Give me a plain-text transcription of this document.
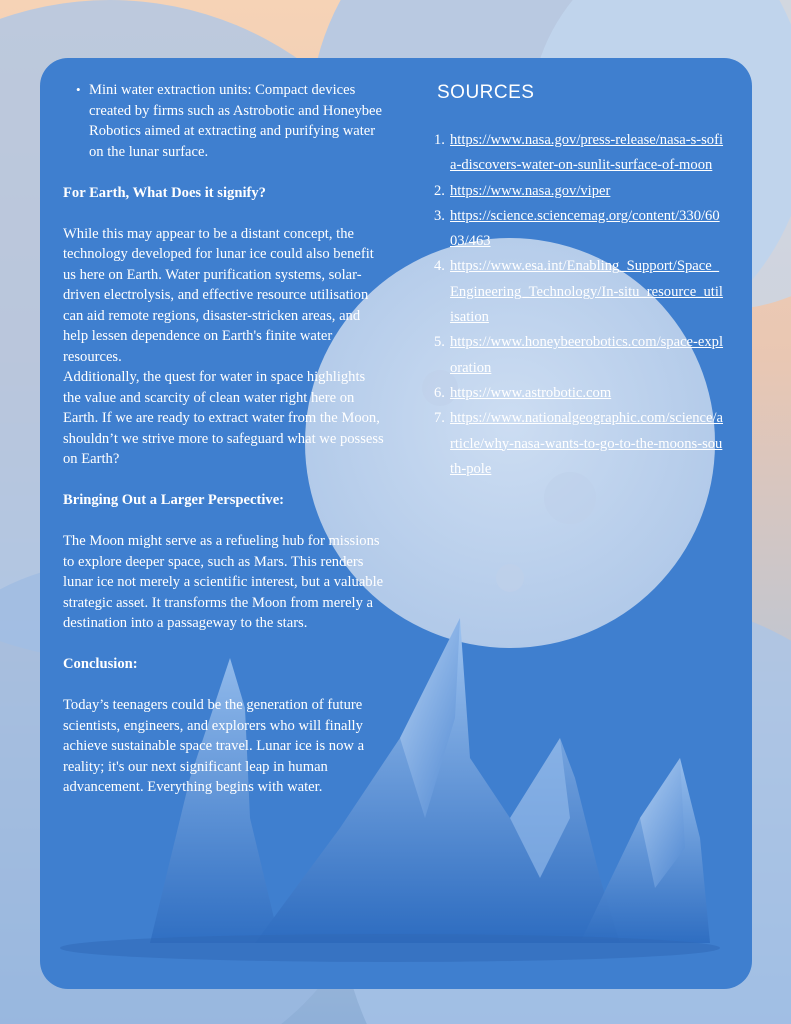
• Mini water extraction units: Compact devices created by firms such as Astrobotic and Honeybee Robotics aimed at extracting and purifying water on the lunar surface.

For Earth, What Does it signify?

While this may appear to be a distant concept, the technology developed for lunar ice could also benefit us here on Earth. Water purification systems, solar-driven electrolysis, and effective resource utilisation can aid remote regions, disaster-stricken areas, and help lessen dependence on Earth's finite water resources.

Additionally, the quest for water in space highlights the value and scarcity of clean water right here on Earth. If we are ready to extract water from the Moon, shouldn’t we strive more to safeguard what we possess on Earth?

Bringing Out a Larger Perspective:

The Moon might serve as a refueling hub for missions to explore deeper space, such as Mars. This renders lunar ice not merely a scientific interest, but a valuable strategic asset. It transforms the Moon from merely a destination into a passageway to the stars.

Conclusion:

Today’s teenagers could be the generation of future scientists, engineers, and explorers who will finally achieve sustainable space travel. Lunar ice is now a reality; it's our next significant leap in human advancement. Everything begins with water.

SOURCES
1. https://www.nasa.gov/press-release/nasa-s-sofia-discovers-water-on-sunlit-surface-of-moon
2. https://www.nasa.gov/viper
3. https://science.sciencemag.org/content/330/6003/463
4. https://www.esa.int/Enabling_Support/Space_Engineering_Technology/In-situ_resource_utilisation
5. https://www.honeybeerobotics.com/space-exploration
6. https://www.astrobotic.com
7. https://www.nationalgeographic.com/science/article/why-nasa-wants-to-go-to-the-moons-south-pole
